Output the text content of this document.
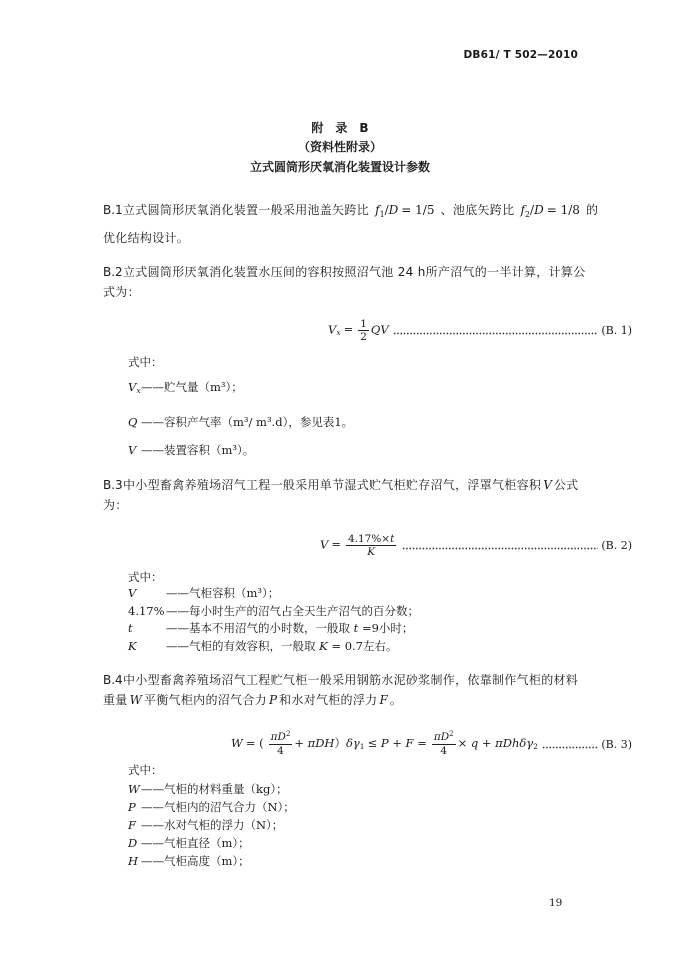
DB61/ T 502—2010
附　录　B
（资料性附录）
立式圆筒形厌氧消化装置设计参数
B.1立式圆筒形厌氧消化装置一般采用池盖矢跨比 $f_1/D = 1/5$ 、池底矢跨比 $f_2/D = 1/8$ 的
优化结构设计。
B.2立式圆筒形厌氧消化装置水压间的容积按照沼气池 24 h所产沼气的一半计算，计算公
式为：
$V_x = \frac{1}{2}$ QV	(B. 1)
式中：
$V_x——$贮气量（m³）；
Q ——容积产气率（m³/ m³.d），参见表1。
V ——装置容积（m³）。
B.3中小型畜禽养殖场沼气工程一般采用单节湿式贮气柜贮存沼气，浮罩气柜容积 V 公式
为：
$V = \frac{4.17\%\times t}{K}$	(B. 2)
式中：
V	——气柜容积（m³）；
4.17%——每小时生产的沼气占全天生产沼气的百分数；
t	——基本不用沼气的小时数，一般取 t =9小时；
K	——气柜的有效容积，一般取 K = 0.7左右。
B.4中小型畜禽养殖场沼气工程贮气柜一般采用钢筋水泥砂浆制作，依靠制作气柜的材料
重量 W 平衡气柜内的沼气合力 P 和水对气柜的浮力 F 。
W = ( $\frac{\pi D^2}{4} + \pi DH)\delta\gamma_1 \le P + F = \frac{\pi D^2}{4} \times q + \pi Dh\delta\gamma_2$	(B. 3)
式中：
W——气柜的材料重量（kg）；
P ——气柜内的沼气合力（N）；
F ——水对气柜的浮力（N）；
D ——气柜直径（m）；
H ——气柜高度（m）；
19
